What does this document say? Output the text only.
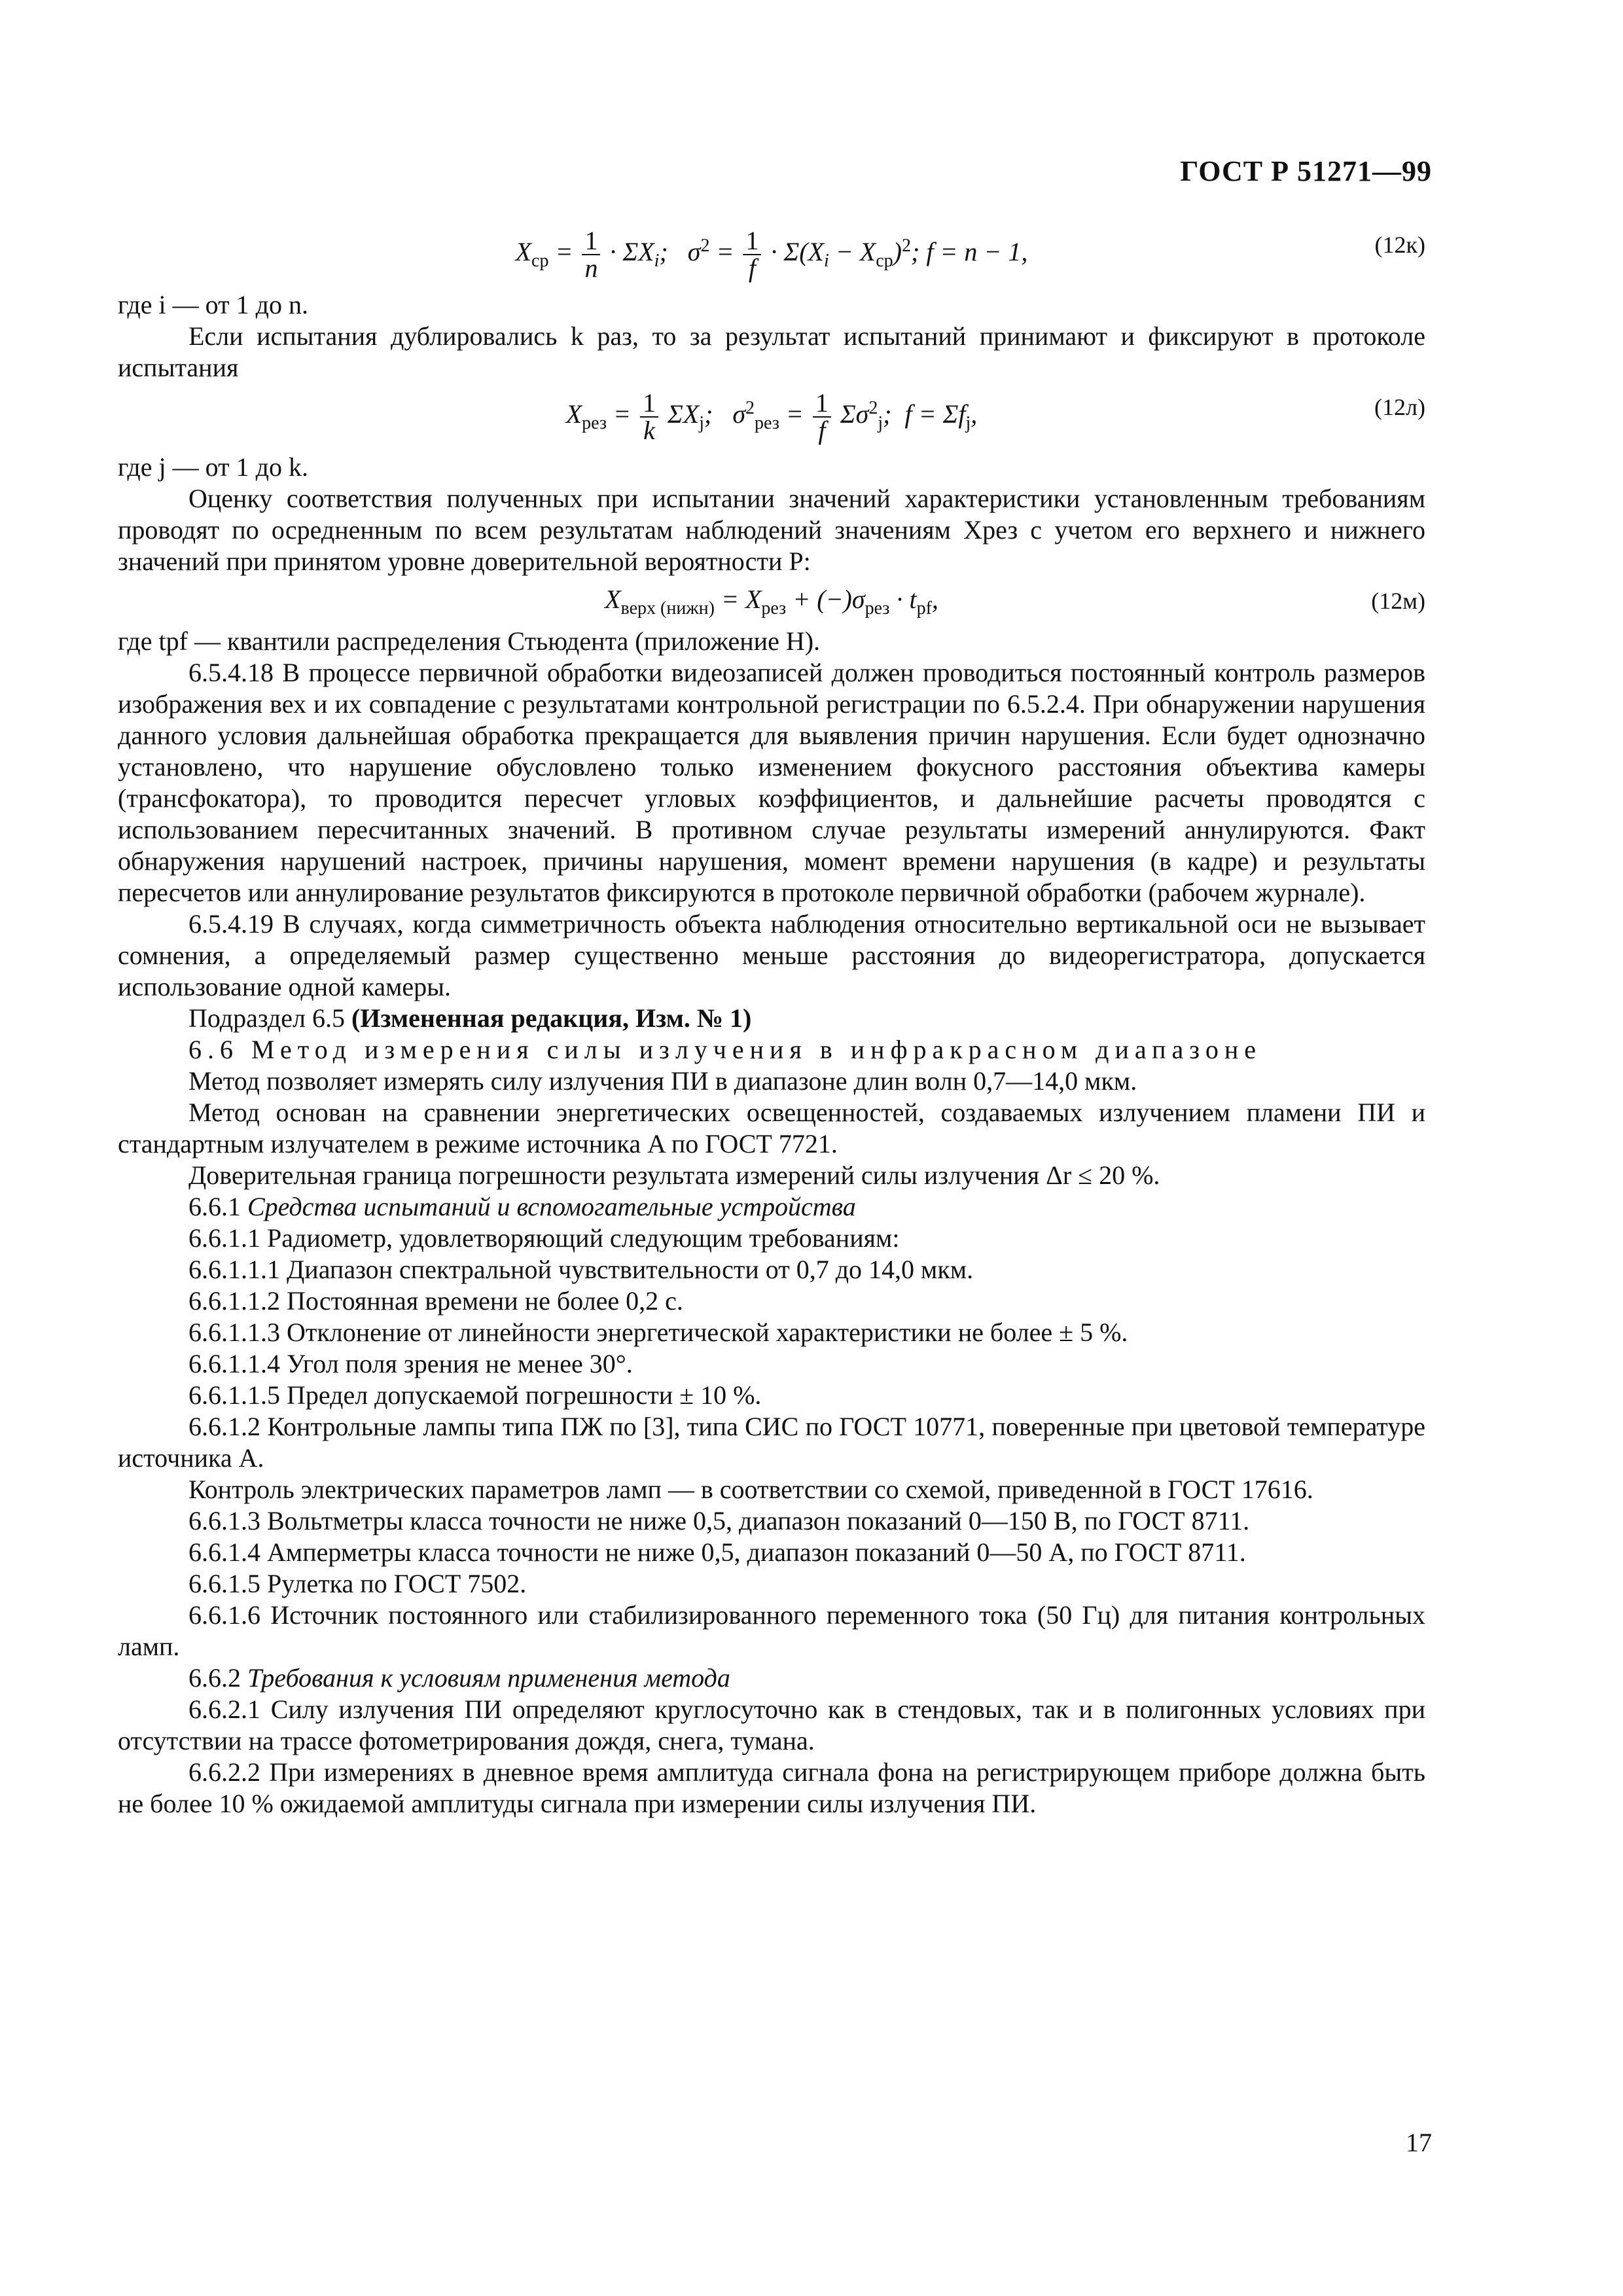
ГОСТ Р 51271—99
$X_{ср} = \frac{1}{n} \cdot \Sigma X_i$;   $\sigma^2 = \frac{1}{f} \cdot \Sigma(X_i - X_{ср})^2$; f = n − 1,	(12к)

где i — от 1 до n.

Если испытания дублировались k раз, то за результат испытаний принимают и фиксируют в протоколе испытания

$X_{рез} = \frac{1}{k} \Sigma X_j$;   $\sigma^2_{рез} = \frac{1}{f} \Sigma\sigma^2_j$;  $f = \Sigma f_j$,	(12л)

где j — от 1 до k.

Оценку соответствия полученных при испытании значений характеристики установленным требованиям проводят по осредненным по всем результатам наблюдений значениям Xрез с учетом его верхнего и нижнего значений при принятом уровне доверительной вероятности P:

$X_{верх (нижн)} = X_{рез} + (-)\sigma_{рез} \cdot t_{pf}$,	(12м)

где tpf — квантили распределения Стьюдента (приложение Н).

6.5.4.18 В процессе первичной обработки видеозаписей должен проводиться постоянный контроль размеров изображения вех и их совпадение с результатами контрольной регистрации по 6.5.2.4. При обнаружении нарушения данного условия дальнейшая обработка прекращается для выявления причин нарушения. Если будет однозначно установлено, что нарушение обусловлено только изменением фокусного расстояния объектива камеры (трансфокатора), то проводится пересчет угловых коэффициентов, и дальнейшие расчеты проводятся с использованием пересчитанных значений. В противном случае результаты измерений аннулируются. Факт обнаружения нарушений настроек, причины нарушения, момент времени нарушения (в кадре) и результаты пересчетов или аннулирование результатов фиксируются в протоколе первичной обработки (рабочем журнале).

6.5.4.19 В случаях, когда симметричность объекта наблюдения относительно вертикальной оси не вызывает сомнения, а определяемый размер существенно меньше расстояния до видеорегистратора, допускается использование одной камеры.

Подраздел 6.5 (Измененная редакция, Изм. № 1)

6.6 Метод измерения силы излучения в инфракрасном диапазоне

Метод позволяет измерять силу излучения ПИ в диапазоне длин волн 0,7—14,0 мкм.

Метод основан на сравнении энергетических освещенностей, создаваемых излучением пламени ПИ и стандартным излучателем в режиме источника A по ГОСТ 7721.

Доверительная граница погрешности результата измерений силы излучения Δr ≤ 20 %.

6.6.1 Средства испытаний и вспомогательные устройства

6.6.1.1 Радиометр, удовлетворяющий следующим требованиям:

6.6.1.1.1 Диапазон спектральной чувствительности от 0,7 до 14,0 мкм.

6.6.1.1.2 Постоянная времени не более 0,2 с.

6.6.1.1.3 Отклонение от линейности энергетической характеристики не более ± 5 %.

6.6.1.1.4 Угол поля зрения не менее 30°.

6.6.1.1.5 Предел допускаемой погрешности ± 10 %.

6.6.1.2 Контрольные лампы типа ПЖ по [3], типа СИС по ГОСТ 10771, поверенные при цветовой температуре источника A.

Контроль электрических параметров ламп — в соответствии со схемой, приведенной в ГОСТ 17616.

6.6.1.3 Вольтметры класса точности не ниже 0,5, диапазон показаний 0—150 В, по ГОСТ 8711.

6.6.1.4 Амперметры класса точности не ниже 0,5, диапазон показаний 0—50 А, по ГОСТ 8711.

6.6.1.5 Рулетка по ГОСТ 7502.

6.6.1.6 Источник постоянного или стабилизированного переменного тока (50 Гц) для питания контрольных ламп.

6.6.2 Требования к условиям применения метода

6.6.2.1 Силу излучения ПИ определяют круглосуточно как в стендовых, так и в полигонных условиях при отсутствии на трассе фотометрирования дождя, снега, тумана.

6.6.2.2 При измерениях в дневное время амплитуда сигнала фона на регистрирующем приборе должна быть не более 10 % ожидаемой амплитуды сигнала при измерении силы излучения ПИ.

17
